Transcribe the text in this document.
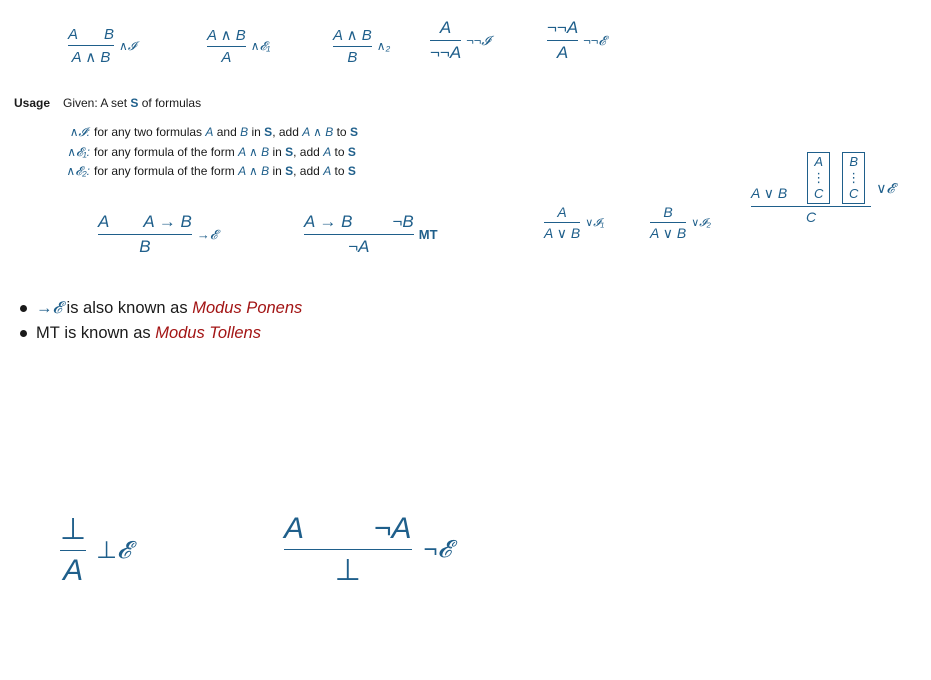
$\frac{\text{A B}}{A \wedge B}$ ∧𝓘	$\frac{A \wedge B}{A}$ ∧𝓔₁	$\frac{A \wedge B}{B}$ ∧₂ $\frac{A}{\neg\neg A}$ ¬¬𝓘	$\frac{\neg\neg A}{A}$ ¬¬𝓔
Usage Given: A set S of formulas
∧𝓘: for any two formulas
A
and
B
in
S , add
A ∧ B
to
S
∧𝓔₁: for any formula of the form
A ∧ B
in
S , add
A
to
S
∧𝓔₂: for any formula of the form
A ∧ B
in
S , add
A
to
S
$\frac{\text{A A → B}}{B}$ →𝓔	$\frac{A \to B \neg B}{\neg A}$ MT	$\frac{A}{A \vee B}$ ∨𝓘₁	$\frac{B}{A \vee B}$ ∨𝓘₂
A ∨ B
A
⋮
C
B
⋮
C
C
∨𝓔
→𝓔 is also known as Modus Ponens
MT is known as Modus Tollens
$\frac{\perp}{A}$ ⊥𝓔	$\frac{A \neg A}{\perp}$ ¬𝓔
